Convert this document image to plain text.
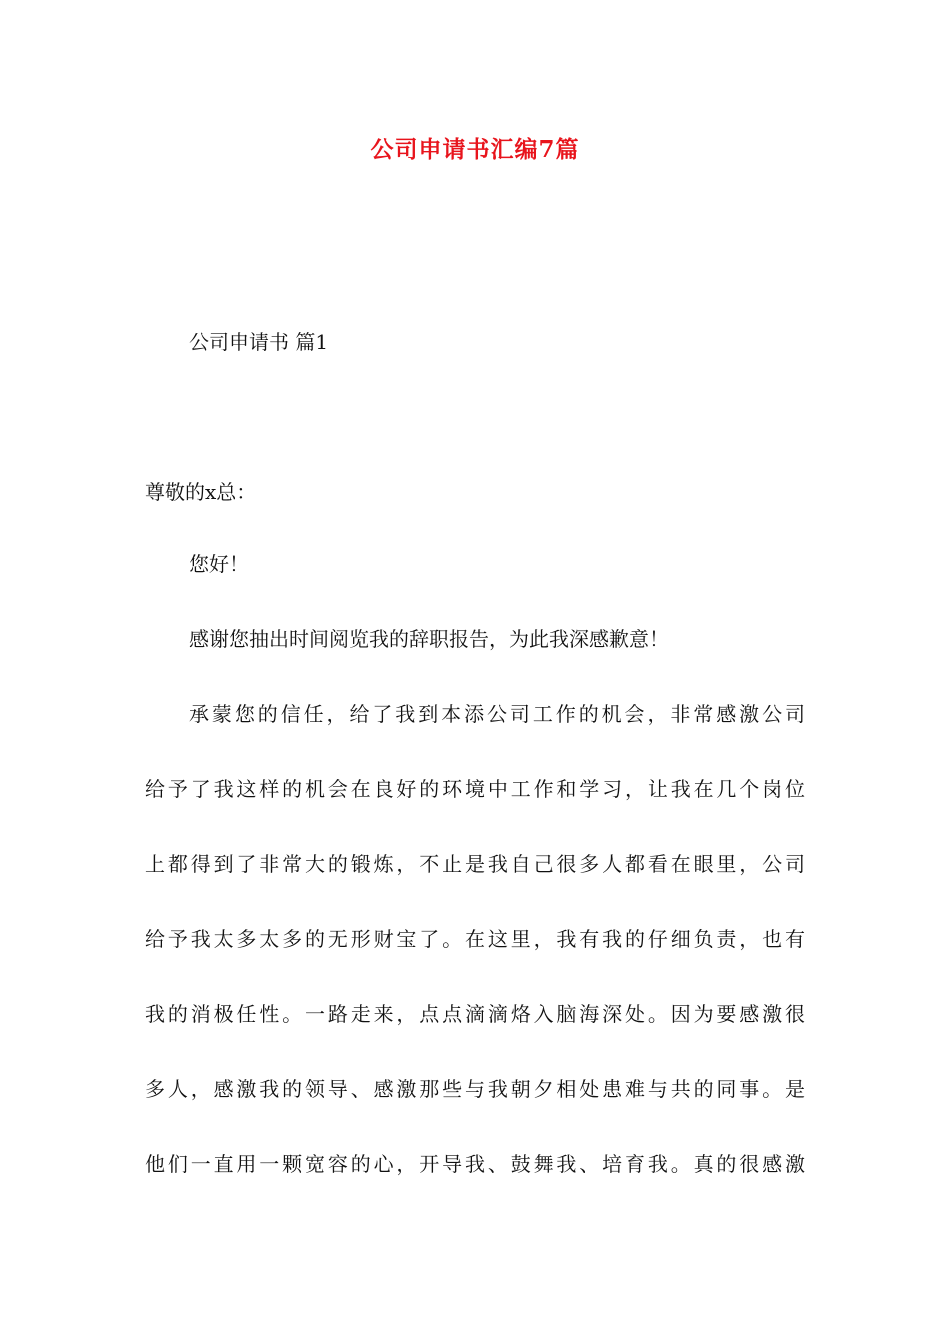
公司申请书汇编7篇
公司申请书 篇1
尊敬的x总：
您好！
感谢您抽出时间阅览我的辞职报告，为此我深感歉意！
承蒙您的信任，给了我到本添公司工作的机会，非常感激公司
给予了我这样的机会在良好的环境中工作和学习，让我在几个岗位
上都得到了非常大的锻炼，不止是我自己很多人都看在眼里，公司
给予我太多太多的无形财宝了。在这里，我有我的仔细负责，也有
我的消极任性。一路走来，点点滴滴烙入脑海深处。因为要感激很
多人，感激我的领导、感激那些与我朝夕相处患难与共的同事。是
他们一直用一颗宽容的心，开导我、鼓舞我、培育我。真的很感激
